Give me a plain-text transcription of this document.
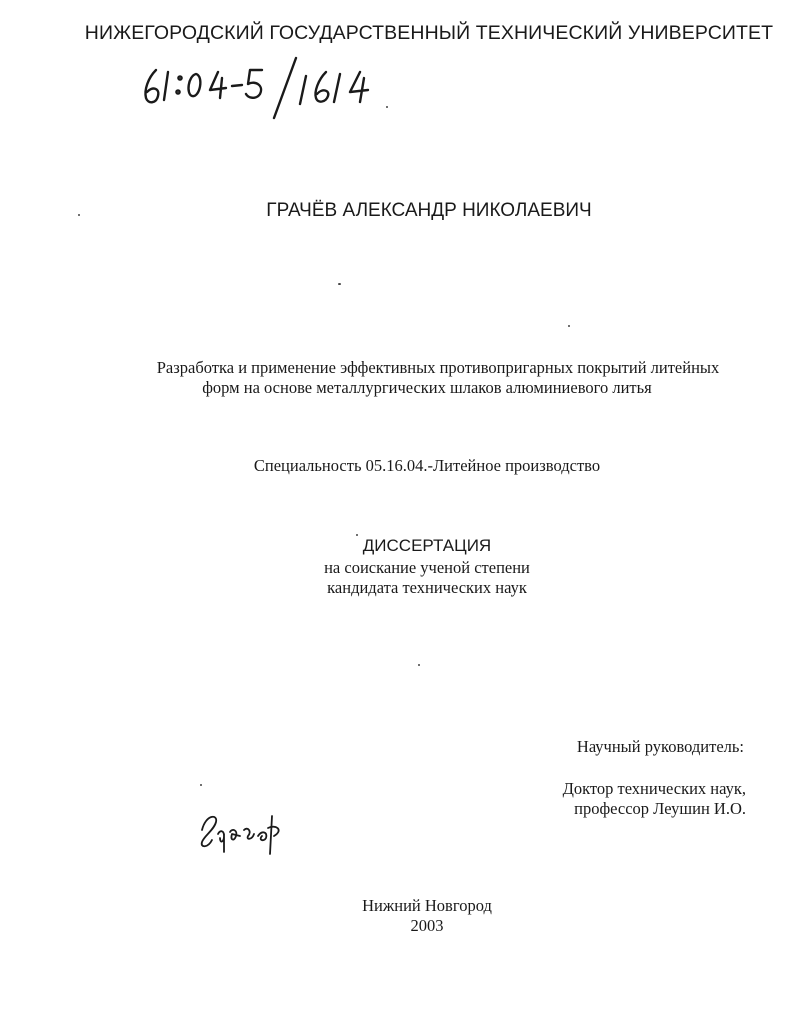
НИЖЕГОРОДСКИЙ ГОСУДАРСТВЕННЫЙ ТЕХНИЧЕСКИЙ УНИВЕРСИТЕТ
ГРАЧЁВ АЛЕКСАНДР НИКОЛАЕВИЧ
Разработка и применение эффективных противопригарных покрытий литейных
форм на основе металлургических шлаков алюминиевого литья
Специальность 05.16.04.-Литейное производство
ДИССЕРТАЦИЯ
на соискание ученой степени
кандидата технических наук
Научный руководитель:
Доктор технических наук,
профессор Леушин И.О.
Нижний Новгород
2003
